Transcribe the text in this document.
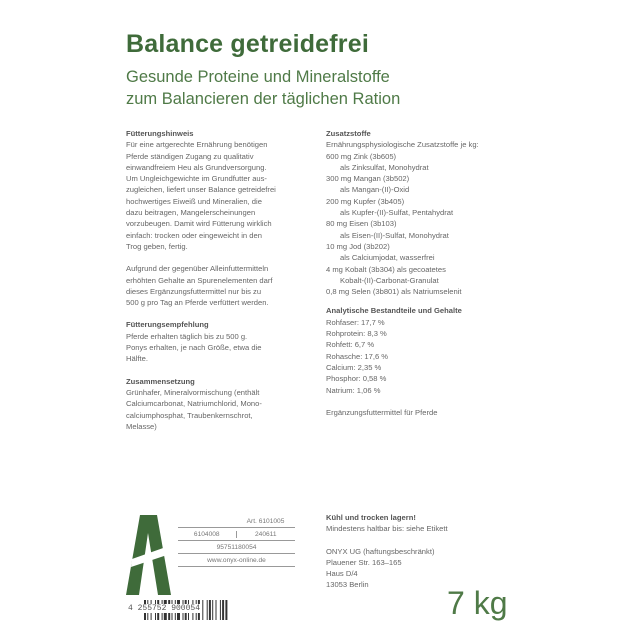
Balance getreidefrei
Gesunde Proteine und Mineralstoffe
zum Balancieren der täglichen Ration
Fütterungshinweis

Für eine artgerechte Ernährung benötigen

Pferde ständigen Zugang zu qualitativ

einwandfreiem Heu als Grundversorgung.

Um Ungleichgewichte im Grundfutter aus-

zugleichen, liefert unser Balance getreidefrei

hochwertiges Eiweiß und Mineralien, die

dazu beitragen, Mangelerscheinungen

vorzubeugen. Damit wird Fütterung wirklich

einfach: trocken oder eingeweicht in den

Trog geben, fertig.

Aufgrund der gegenüber Alleinfuttermitteln

erhöhten Gehalte an Spurenelementen darf

dieses Ergänzungsfuttermittel nur bis zu

500 g pro Tag an Pferde verfüttert werden.

Fütterungsempfehlung

Pferde erhalten täglich bis zu 500 g.

Ponys erhalten, je nach Größe, etwa die

Hälfte.

Zusammensetzung

Grünhafer, Mineralvormischung (enthält

Calciumcarbonat, Natriumchlorid, Mono-

calciumphosphat, Traubenkernschrot,

Melasse)

Zusatzstoffe

Ernährungsphysiologische Zusatzstoffe je kg:

600 mg Zink (3b605)

als Zinksulfat, Monohydrat

300 mg Mangan (3b502)

als Mangan-(II)-Oxid

200 mg Kupfer (3b405)

als Kupfer-(II)-Sulfat, Pentahydrat

80 mg Eisen (3b103)

als Eisen-(II)-Sulfat, Monohydrat

10 mg Jod (3b202)

als Calciumjodat, wasserfrei

4 mg Kobalt (3b304) als gecoatetes

Kobalt-(II)-Carbonat-Granulat

0,8 mg Selen (3b801) als Natriumselenit

Analytische Bestandteile und Gehalte

Rohfaser: 17,7 %

Rohprotein: 8,3 %

Rohfett: 6,7 %

Rohasche: 17,6 %

Calcium: 2,35 %

Phosphor: 0,58 %

Natrium: 1,06 %

Ergänzungsfuttermittel für Pferde

Art. 6101005
6104008	240611
95751180054
www.onyx-online.de
4 255752 900054
Kühl und trocken lagern!

Mindestens haltbar bis: siehe Etikett

ONYX UG (haftungsbeschränkt)

Plauener Str. 163–165

Haus D/4

13053 Berlin

7 kg
